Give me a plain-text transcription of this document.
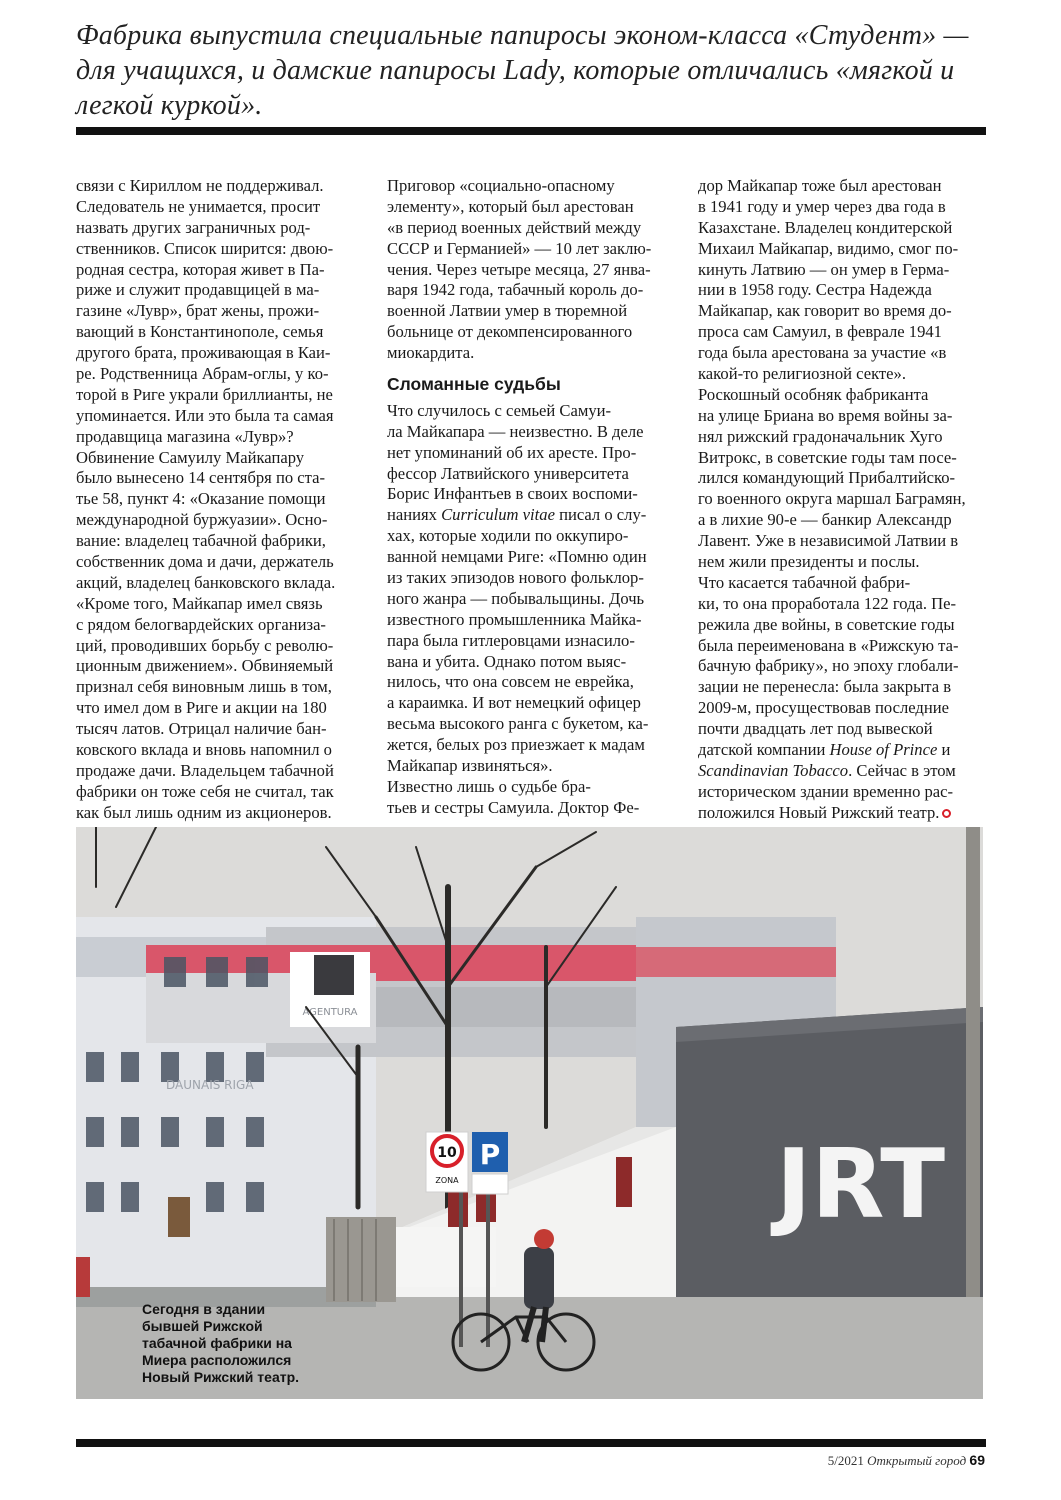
Фабрика выпустила специальные папиросы эконом-класса «Студент» —
для учащихся, и дамские папиросы Lady, которые отличались «мягкой и
легкой куркой».
связи с Кириллом не поддерживал.
Следователь не унимается, просит
назвать других заграничных род-
ственников. Список ширится: двою-
родная сестра, которая живет в Па-
риже и служит продавщицей в ма-
газине «Лувр», брат жены, прожи-
вающий в Константинополе, семья
другого брата, проживающая в Каи-
ре. Родственница Абрам-оглы, у ко-
торой в Риге украли бриллианты, не
упоминается. Или это была та самая
продавщица магазина «Лувр»?
Обвинение Самуилу Майкапару
было вынесено 14 сентября по ста-
тье 58, пункт 4: «Оказание помощи
международной буржуазии». Осно-
вание: владелец табачной фабрики,
собственник дома и дачи, держатель
акций, владелец банковского вклада.
«Кроме того, Майкапар имел связь
с рядом белогвардейских организа-
ций, проводивших борьбу с револю-
ционным движением». Обвиняемый
признал себя виновным лишь в том,
что имел дом в Риге и акции на 180
тысяч латов. Отрицал наличие бан-
ковского вклада и вновь напомнил о
продаже дачи. Владельцем табачной
фабрики он тоже себя не считал, так
как был лишь одним из акционеров.
Приговор «социально-опасному
элементу», который был арестован
«в период военных действий между
СССР и Германией» — 10 лет заклю-
чения. Через четыре месяца, 27 янва-
варя 1942 года, табачный король до-
военной Латвии умер в тюремной
больнице от декомпенсированного
миокардита.
Сломанные судьбы
Что случилось с семьей Самуи-
ла Майкапара — неизвестно. В деле
нет упоминаний об их аресте. Про-
фессор Латвийского университета
Борис Инфантьев в своих воспоми-
наниях Curriculum vitae писал о слу-
хах, которые ходили по оккупиро-
ванной немцами Риге: «Помню один
из таких эпизодов нового фольклор-
ного жанра — побывальщины. Дочь
известного промышленника Майка-
пара была гитлеровцами изнасило-
вана и убита. Однако потом выяс-
нилось, что она совсем не еврейка,
а караимка. И вот немецкий офицер
весьма высокого ранга с букетом, ка-
жется, белых роз приезжает к мадам
Майкапар извиняться».
Известно лишь о судьбе бра-
тьев и сестры Самуила. Доктор Фе-
дор Майкапар тоже был арестован
в 1941 году и умер через два года в
Казахстане. Владелец кондитерской
Михаил Майкапар, видимо, смог по-
кинуть Латвию — он умер в Герма-
нии в 1958 году. Сестра Надежда
Майкапар, как говорит во время до-
проса сам Самуил, в феврале 1941
года была арестована за участие «в
какой-то религиозной секте».
Роскошный особняк фабриканта
на улице Бриана во время войны за-
нял рижский градоначальник Хуго
Витрокс, в советские годы там посе-
лился командующий Прибалтийско-
го военного округа маршал Баграмян,
а в лихие 90-е — банкир Александр
Лавент. Уже в независимой Латвии в
нем жили президенты и послы.
Что касается табачной фабри-
ки, то она проработала 122 года. Пе-
режила две войны, в советские годы
была переименована в «Рижскую та-
бачную фабрику», но эпоху глобали-
зации не перенесла: была закрыта в
2009-м, просуществовав последние
почти двадцать лет под вывеской
датской компании House of Prince и
Scandinavian Tobacco. Сейчас в этом
историческом здании временно рас-
положился Новый Рижский театр.
AGENTURA
DAUNAIS RIGA
JRT
10
ZONA
P
Сегодня в здании
бывшей Рижской
табачной фабрики на
Миера расположился
Новый Рижский театр.
5/2021 Открытый город 69
